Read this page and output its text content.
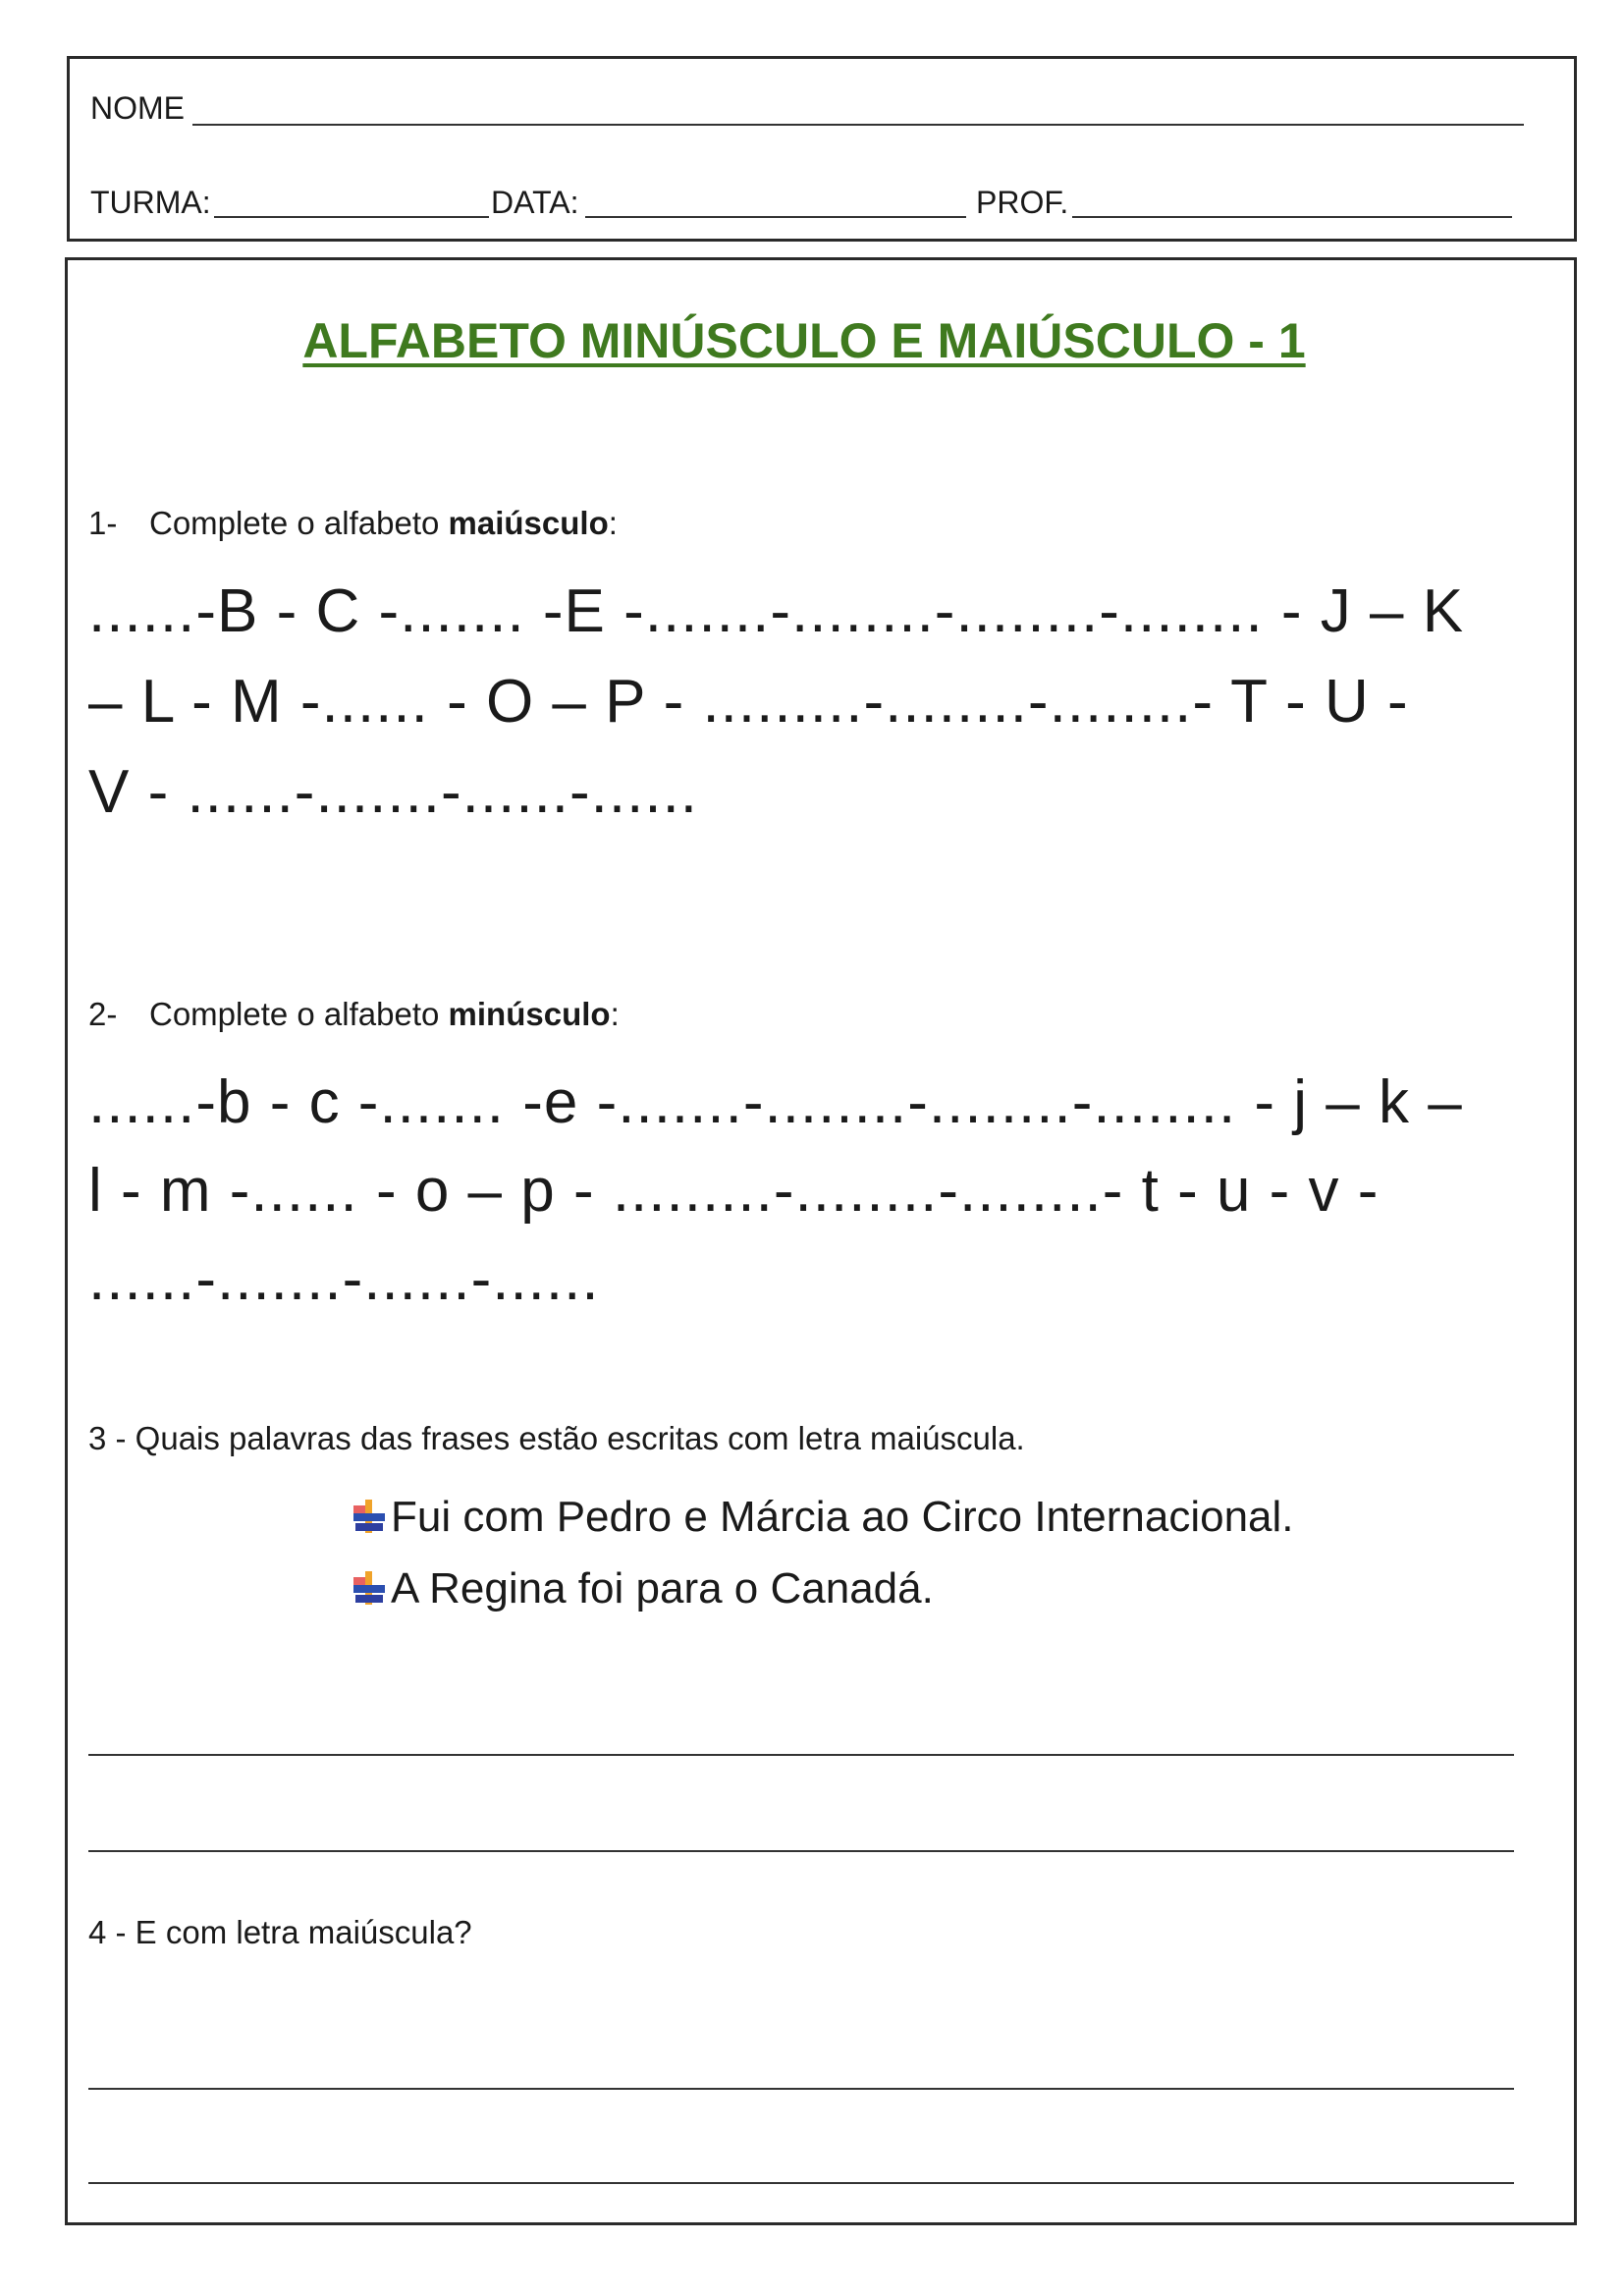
NOME
TURMA:	DATA:	PROF.
ALFABETO MINÚSCULO E MAIÚSCULO - 1
1- Complete o alfabeto maiúsculo:
......-B - C -....... -E -.......-........-........-........ - J – K
– L - M -...... - O – P - .........-........-........- T - U -
V - ......-.......-......-......
2- Complete o alfabeto minúsculo:
......-b - c -....... -e -.......-........-........-........ - j – k –
l - m -...... - o – p - .........-........-........- t - u - v -
......-.......-......-......
3 - Quais palavras das frases estão escritas com letra maiúscula.
Fui com Pedro e Márcia ao Circo Internacional.
A Regina foi para o Canadá.
4 - E com letra maiúscula?
